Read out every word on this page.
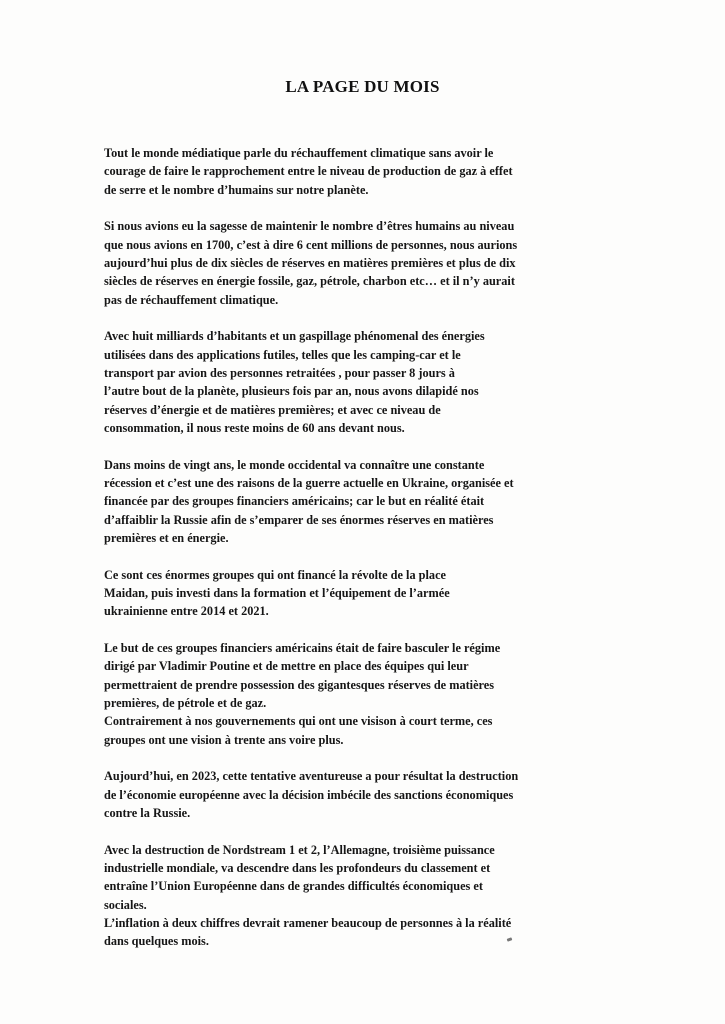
LA PAGE DU MOIS

Tout le monde médiatique parle du réchauffement climatique sans avoir le
courage de faire le rapprochement entre le niveau de production de gaz à effet
de serre et le nombre d’humains sur notre planète.

Si nous avions eu la sagesse de maintenir le nombre d’êtres humains au niveau
que nous avions en 1700, c’est à dire 6 cent millions de personnes, nous aurions
aujourd’hui plus de dix siècles de réserves en matières premières et plus de dix
siècles de réserves en énergie fossile, gaz, pétrole, charbon etc… et il n’y aurait
pas de réchauffement climatique.

Avec huit milliards d’habitants et un gaspillage phénomenal des énergies
utilisées dans des applications futiles, telles que les camping-car et le
transport par avion des personnes retraitées , pour passer 8 jours à
l’autre bout de la planète, plusieurs fois par an, nous avons dilapidé nos
réserves d’énergie et de matières premières; et avec ce niveau de
consommation, il nous reste moins de 60 ans devant nous.

Dans moins de vingt ans, le monde occidental va connaître une constante
récession et c’est une des raisons de la guerre actuelle en Ukraine, organisée et
financée par des groupes financiers américains; car le but en réalité était
d’affaiblir la Russie afin de s’emparer de ses énormes réserves en matières
premières et en énergie.

Ce sont ces énormes groupes qui ont financé la révolte de la place
Maidan, puis investi dans la formation et l’équipement de l’armée
ukrainienne entre 2014 et 2021.

Le but de ces groupes financiers américains était de faire basculer le régime
dirigé par Vladimir Poutine et de mettre en place des équipes qui leur
permettraient de prendre possession des gigantesques réserves de matières
premières, de pétrole et de gaz.
Contrairement à nos gouvernements qui ont une visison à court terme, ces
groupes ont une vision à trente ans voire plus.

Aujourd’hui, en 2023, cette tentative aventureuse a pour résultat la destruction
de l’économie européenne avec la décision imbécile des sanctions économiques
contre la Russie.

Avec la destruction de Nordstream 1 et 2, l’Allemagne, troisième puissance
industrielle mondiale, va descendre dans les profondeurs du classement et
entraîne l’Union Européenne dans de grandes difficultés économiques et
sociales.
L’inflation à deux chiffres devrait ramener beaucoup de personnes à la réalité
dans quelques mois.
